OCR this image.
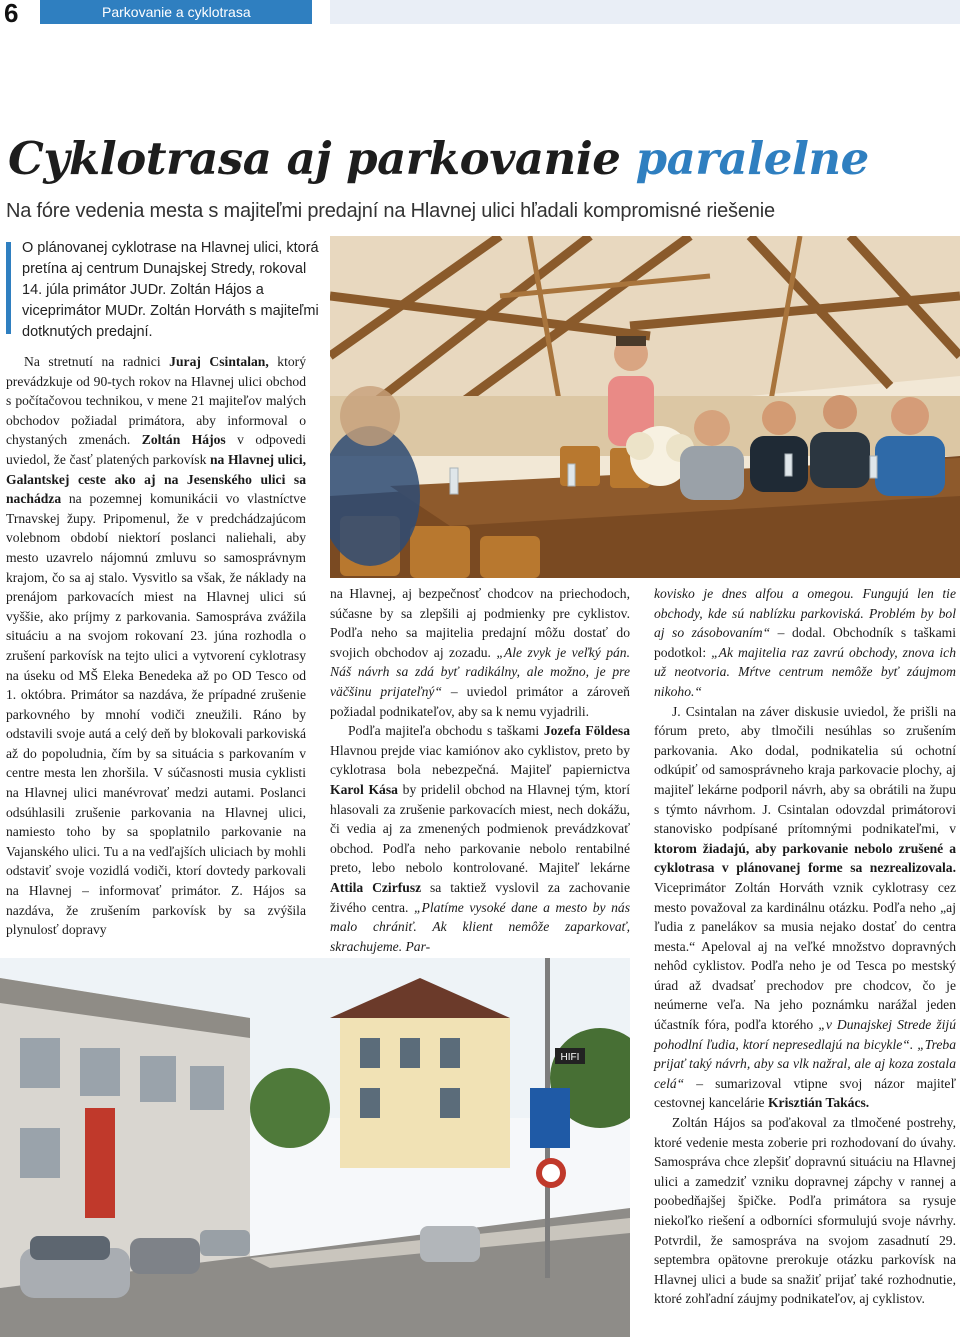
6	Parkovanie a cyklotrasa
Cyklotrasa aj parkovanie paralelne
Na fóre vedenia mesta s majiteľmi predajní na Hlavnej ulici hľadali kompromisné riešenie

O plánovanej cyklotrase na Hlavnej ulici, ktorá pretína aj centrum Dunajskej Stredy, rokoval 14. júla primátor JUDr. Zoltán Hájos a viceprimátor MUDr. Zoltán Horváth s majiteľmi dotknutých predajní.

Na stretnutí na radnici Juraj Csintalan, ktorý prevádzkuje od 90-tych rokov na Hlavnej ulici obchod s počítačovou technikou, v mene 21 majiteľov malých obchodov požiadal primátora, aby informoval o chystaných zmenách. Zoltán Hájos v odpovedi uviedol, že časť platených parkovísk na Hlavnej ulici, Galantskej ceste ako aj na Jesenského ulici sa nachádza na pozemnej komunikácii vo vlastníctve Trnavskej župy. Pripomenul, že v predchádzajúcom volebnom období niektorí poslanci naliehali, aby mesto uzavrelo nájomnú zmluvu so samosprávnym krajom, čo sa aj stalo. Vysvitlo sa však, že náklady na prenájom parkovacích miest na Hlavnej ulici sú vyššie, ako príjmy z parkovania. Samospráva zvážila situáciu a na svojom rokovaní 23. júna rozhodla o zrušení parkovísk na tejto ulici a vytvorení cyklotrasy na úseku od MŠ Eleka Benedeka až po OD Tesco od 1. októbra. Primátor sa nazdáva, že prípadné zrušenie parkovného by mnohí vodiči zneužili. Ráno by odstavili svoje autá a celý deň by blokovali parkoviská až do popoludnia, čím by sa situácia s parkovaním v centre mesta len zhoršila. V súčasnosti musia cyklisti na Hlavnej ulici manévrovať medzi autami. Poslanci odsúhlasili zrušenie parkovania na Hlavnej ulici, namiesto toho by sa spoplatnilo parkovanie na Vajanského ulici. Tu a na vedľajších uliciach by mohli odstaviť svoje vozidlá vodiči, ktorí dovtedy parkovali na Hlavnej – informovať primátor. Z. Hájos sa nazdáva, že zrušením parkovísk by sa zvýšila plynulosť dopravy

na Hlavnej, aj bezpečnosť chodcov na priechodoch, súčasne by sa zlepšili aj podmienky pre cyklistov. Podľa neho sa majitelia predajní môžu dostať do svojich obchodov aj zozadu. „Ale zvyk je veľký pán. Náš návrh sa zdá byť radikálny, ale možno, je pre väčšinu prijateľný“ – uviedol primátor a zároveň požiadal podnikateľov, aby sa k nemu vyjadrili.

Podľa majiteľa obchodu s taškami Jozefa Földesa Hlavnou prejde viac kamiónov ako cyklistov, preto by cyklotrasa bola nebezpečná. Majiteľ papiernictva Karol Kása by pridelil obchod na Hlavnej tým, ktorí hlasovali za zrušenie parkovacích miest, nech dokážu, či vedia aj za zmenených podmienok prevádzkovať obchod. Podľa neho parkovanie nebolo rentabilné preto, lebo nebolo kontrolované. Majiteľ lekárne Attila Czirfusz sa taktiež vyslovil za zachovanie živého centra. „Platíme vysoké dane a mesto by nás malo chrániť. Ak klient nemôže zaparkovať, skrachujeme. Par-

kovisko je dnes alfou a omegou. Fungujú len tie obchody, kde sú nablízku parkoviská. Problém by bol aj so zásobovaním“ – dodal. Obchodník s taškami podotkol: „Ak majitelia raz zavrú obchody, znova ich už neotvoria. Mŕtve centrum nemôže byť záujmom nikoho.“

J. Csintalan na záver diskusie uviedol, že prišli na fórum preto, aby tlmočili nesúhlas so zrušením parkovania. Ako dodal, podnikatelia sú ochotní odkúpiť od samosprávneho kraja parkovacie plochy, aj majiteľ lekárne podporil návrh, aby sa obrátili na župu s týmto návrhom. J. Csintalan odovzdal primátorovi stanovisko podpísané prítomnými podnikateľmi, v ktorom žiadajú, aby parkovanie nebolo zrušené a cyklotrasa v plánovanej forme sa nezrealizovala. Viceprimátor Zoltán Horváth vznik cyklotrasy cez mesto považoval za kardinálnu otázku. Podľa neho „aj ľudia z panelákov sa musia nejako dostať do centra mesta.“ Apeloval aj na veľké množstvo dopravných nehôd cyklistov. Podľa neho je od Tesca po mestský úrad až dvadsať prechodov pre chodcov, čo je neúmerne veľa. Na jeho poznámku narážal jeden účastník fóra, podľa ktorého „v Dunajskej Strede žijú pohodlní ľudia, ktorí nepresedlajú na bicykle“. „Treba prijať taký návrh, aby sa vlk nažral, ale aj koza zostala celá“ – sumarizoval vtipne svoj názor majiteľ cestovnej kancelárie Krisztián Takács.

Zoltán Hájos sa poďakoval za tlmočené postrehy, ktoré vedenie mesta zoberie pri rozhodovaní do úvahy. Samospráva chce zlepšiť dopravnú situáciu na Hlavnej ulici a zamedziť vzniku dopravnej zápchy v rannej a poobedňajšej špičke. Podľa primátora sa rysuje niekoľko riešení a odborníci sformulujú svoje návrhy. Potvrdil, že samospráva na svojom zasadnutí 29. septembra opätovne prerokuje otázku parkovísk na Hlavnej ulici a bude sa snažiť prijať také rozhodnutie, ktoré zohľadní záujmy podnikateľov, aj cyklistov.

HIFI
